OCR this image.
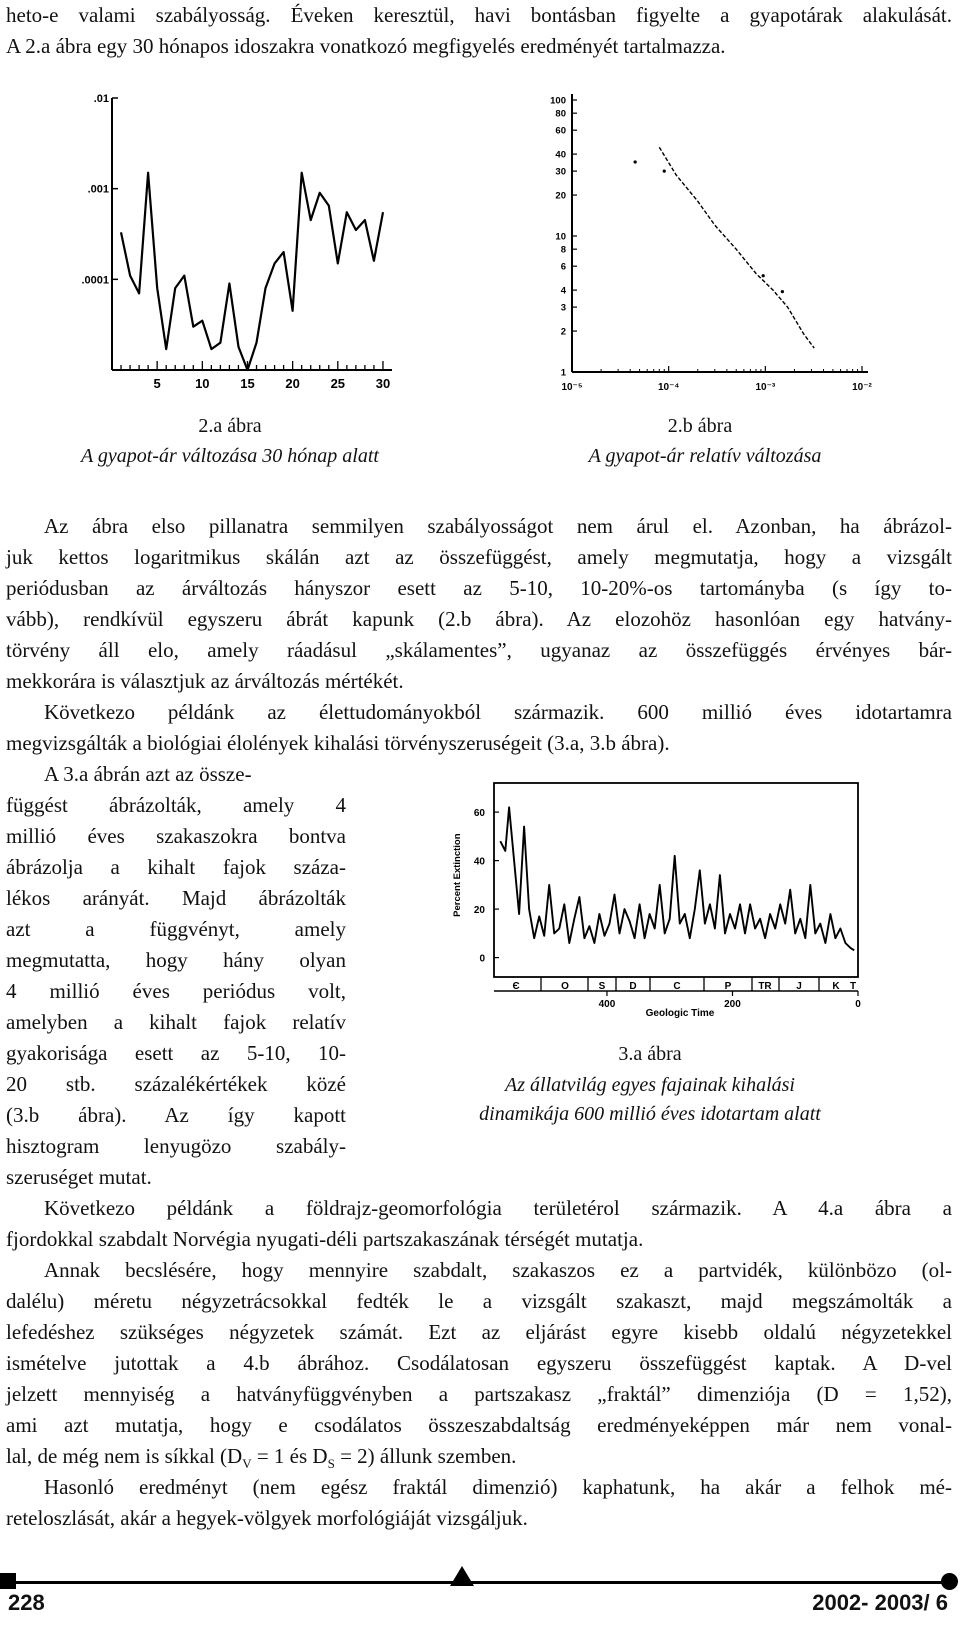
heto-e valami szabályosság. Éveken keresztül, havi bontásban figyelte a gyapotárak alakulását.
A 2.a ábra egy 30 hónapos idoszakra vonatkozó megfigyelés eredményét tartalmazza.
.01
.001
.0001
5	10 15 20 25 30
100
80
60
40
30
20
10
8
6
4
3
2
1
10⁻⁵	10⁻⁴	10⁻³	10⁻²
2.a ábra
A gyapot-ár változása 30 hónap alatt
2.b ábra
A gyapot-ár relatív változása
Az ábra elso pillanatra semmilyen szabályosságot nem árul el. Azonban, ha ábrázol-
juk kettos logaritmikus skálán azt az összefüggést, amely megmutatja, hogy a vizsgált
periódusban az árváltozás hányszor esett az 5-10, 10-20%-os tartományba (s így to-
vább), rendkívül egyszeru ábrát kapunk (2.b ábra). Az elozohöz hasonlóan egy hatvány-
törvény áll elo, amely ráadásul „skálamentes”, ugyanaz az összefüggés érvényes bár-
mekkorára is választjuk az árváltozás mértékét.
Következo példánk az élettudományokból származik. 600 millió éves idotartamra
megvizsgálták a biológiai élolények kihalási törvényszeruségeit (3.a, 3.b ábra).
A 3.a ábrán azt az össze-
függést ábrázolták, amely 4
millió éves szakaszokra bontva
ábrázolja a kihalt fajok száza-
lékos arányát. Majd ábrázolták
azt a függvényt, amely
megmutatta, hogy hány olyan
4 millió éves periódus volt,
amelyben a kihalt fajok relatív
gyakorisága esett az 5-10, 10-
20 stb. százalékértékek közé
(3.b ábra). Az így kapott
hisztogram lenyugözo szabály-
szeruséget mutat.
60
40
20
0
Percent Extinction
Є	O	S D	C	P	TR J	K T
400	200	0
Geologic Time
3.a ábra
Az állatvilág egyes fajainak kihalási
dinamikája 600 millió éves idotartam alatt
Következo példánk a földrajz-geomorfológia területérol származik. A 4.a ábra a
fjordokkal szabdalt Norvégia nyugati-déli partszakaszának térségét mutatja.
Annak becslésére, hogy mennyire szabdalt, szakaszos ez a partvidék, különbözo (ol-
dalélu) méretu négyzetrácsokkal fedték le a vizsgált szakaszt, majd megszámolták a
lefedéshez szükséges négyzetek számát. Ezt az eljárást egyre kisebb oldalú négyzetekkel
ismételve jutottak a 4.b ábrához. Csodálatosan egyszeru összefüggést kaptak. A D-vel
jelzett mennyiség a hatványfüggvényben a partszakasz „fraktál” dimenziója (D = 1,52),
ami azt mutatja, hogy e csodálatos összeszabdaltság eredményeképpen már nem vonal-
lal, de még nem is síkkal ($D_V = 1$ és $D_S = 2$) állunk szemben.
Hasonló eredményt (nem egész fraktál dimenzió) kaphatunk, ha akár a felhok mé-
reteloszlását, akár a hegyek-völgyek morfológiáját vizsgáljuk.
228	2002- 2003/ 6
